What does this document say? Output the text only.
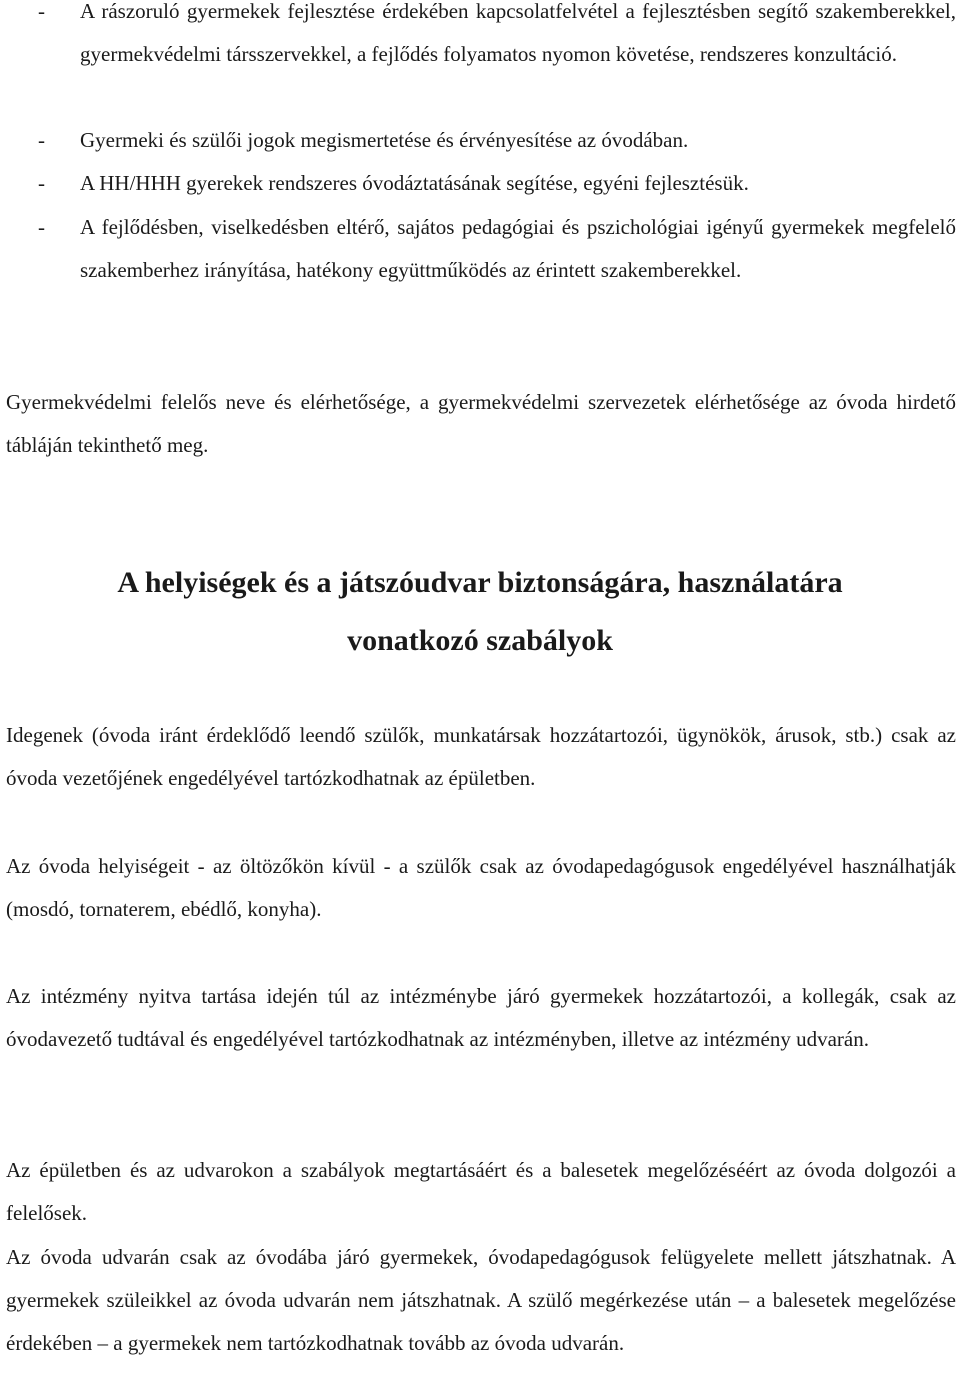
- A rászoruló gyermekek fejlesztése érdekében kapcsolatfelvétel a fejlesztésben segítő szakemberekkel, gyermekvédelmi társszervekkel, a fejlődés folyamatos nyomon követése, rendszeres konzultáció.
- Gyermeki és szülői jogok megismertetése és érvényesítése az óvodában.
- A HH/HHH gyerekek rendszeres óvodáztatásának segítése, egyéni fejlesztésük.
- A fejlődésben, viselkedésben eltérő, sajátos pedagógiai és pszichológiai igényű gyermekek megfelelő szakemberhez irányítása, hatékony együttműködés az érintett szakemberekkel.

Gyermekvédelmi felelős neve és elérhetősége, a gyermekvédelmi szervezetek elérhetősége az óvoda hirdető tábláján tekinthető meg.

A helyiségek és a játszóudvar biztonságára, használatára
vonatkozó szabályok

Idegenek (óvoda iránt érdeklődő leendő szülők, munkatársak hozzátartozói, ügynökök, árusok, stb.) csak az óvoda vezetőjének engedélyével tartózkodhatnak az épületben.

Az óvoda helyiségeit - az öltözőkön kívül - a szülők csak az óvodapedagógusok engedélyével használhatják (mosdó, tornaterem, ebédlő, konyha).

Az intézmény nyitva tartása idején túl az intézménybe járó gyermekek hozzátartozói, a kollegák, csak az óvodavezető tudtával és engedélyével tartózkodhatnak az intézményben, illetve az intézmény udvarán.

Az épületben és az udvarokon a szabályok megtartásáért és a balesetek megelőzéséért az óvoda dolgozói a felelősek.

Az óvoda udvarán csak az óvodába járó gyermekek, óvodapedagógusok felügyelete mellett játszhatnak. A gyermekek szüleikkel az óvoda udvarán nem játszhatnak. A szülő megérkezése után – a balesetek megelőzése érdekében – a gyermekek nem tartózkodhatnak tovább az óvoda udvarán.
